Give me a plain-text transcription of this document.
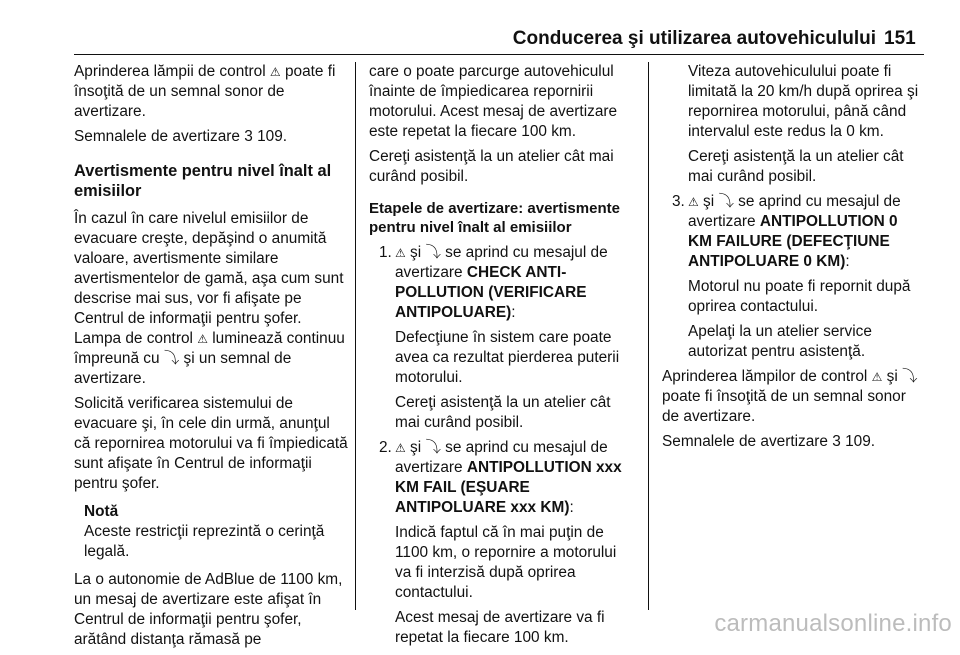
Conducerea şi utilizarea autovehiculului 151

Aprinderea lămpii de control ⚠ poate fi însoţită de un semnal sonor de avertizare.

Semnalele de avertizare 3 109.

Avertismente pentru nivel înalt al emisiilor

În cazul în care nivelul emisiilor de evacuare creşte, depăşind o anumită valoare, avertismente similare avertismentelor de gamă, aşa cum sunt descrise mai sus, vor fi afişate pe Centrul de informaţii pentru şofer. Lampa de control ⚠ luminează continuu împreună cu ⤵ şi un semnal de avertizare.

Solicită verificarea sistemului de evacuare şi, în cele din urmă, anunţul că repornirea motorului va fi împiedicată sunt afişate în Centrul de informaţii pentru şofer.

Notă
Aceste restricţii reprezintă o cerinţă legală.

La o autonomie de AdBlue de 1100 km, un mesaj de avertizare este afişat în Centrul de informaţii pentru şofer, arătând distanţa rămasă pe

care o poate parcurge autovehiculul înainte de împiedicarea repornirii motorului. Acest mesaj de avertizare este repetat la fiecare 100 km.

Cereţi asistenţă la un atelier cât mai curând posibil.

Etapele de avertizare: avertismente pentru nivel înalt al emisiilor
1. ⚠ şi ⤵ se aprind cu mesajul de avertizare CHECK ANTI-POLLUTION (VERIFICARE ANTIPOLUARE):

Defecţiune în sistem care poate avea ca rezultat pierderea puterii motorului.

Cereţi asistenţă la un atelier cât mai curând posibil.

2. ⚠ şi ⤵ se aprind cu mesajul de avertizare ANTIPOLLUTION xxx KM FAIL (EŞUARE ANTIPOLUARE xxx KM):

Indică faptul că în mai puţin de 1100 km, o repornire a motorului va fi interzisă după oprirea contactului.

Acest mesaj de avertizare va fi repetat la fiecare 100 km.

Viteza autovehiculului poate fi limitată la 20 km/h după oprirea şi repornirea motorului, până când intervalul este redus la 0 km.

Cereţi asistenţă la un atelier cât mai curând posibil.

3. ⚠ şi ⤵ se aprind cu mesajul de avertizare ANTIPOLLUTION 0 KM FAILURE (DEFECŢIUNE ANTIPOLUARE 0 KM):

Motorul nu poate fi repornit după oprirea contactului.

Apelaţi la un atelier service autorizat pentru asistenţă.

Aprinderea lămpilor de control ⚠ şi ⤵ poate fi însoţită de un semnal sonor de avertizare.

Semnalele de avertizare 3 109.

carmanualsonline.info
